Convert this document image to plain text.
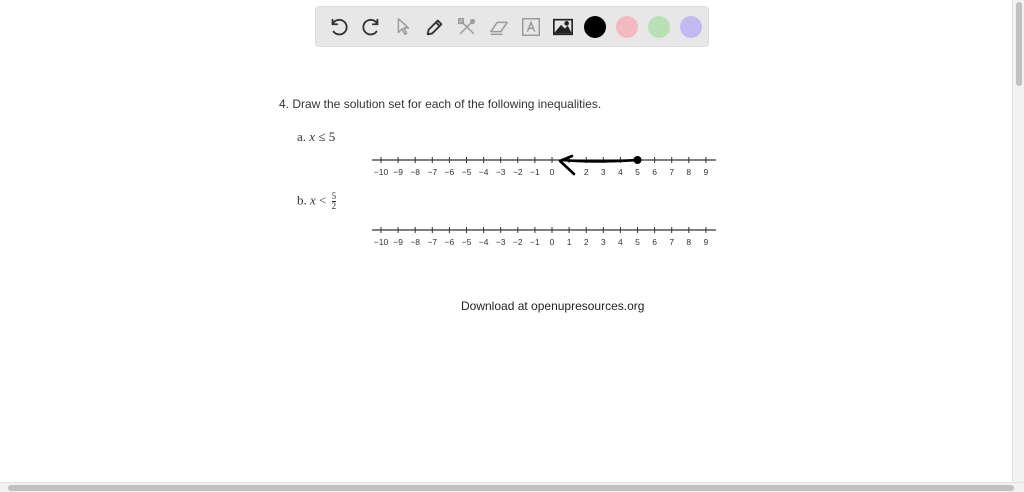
4. Draw the solution set for each of the following inequalities.
a. x ≤ 5
−10 −9 −8 −7 −6 −5 −4 −3 −2 −1 0	2 3 4 5 6 7 8 9
b. $x < \frac{5}{2}$
−10 −9 −8 −7 −6 −5 −4 −3 −2 −1 0 1 2 3 4 5 6 7 8 9
Download at openupresources.org
